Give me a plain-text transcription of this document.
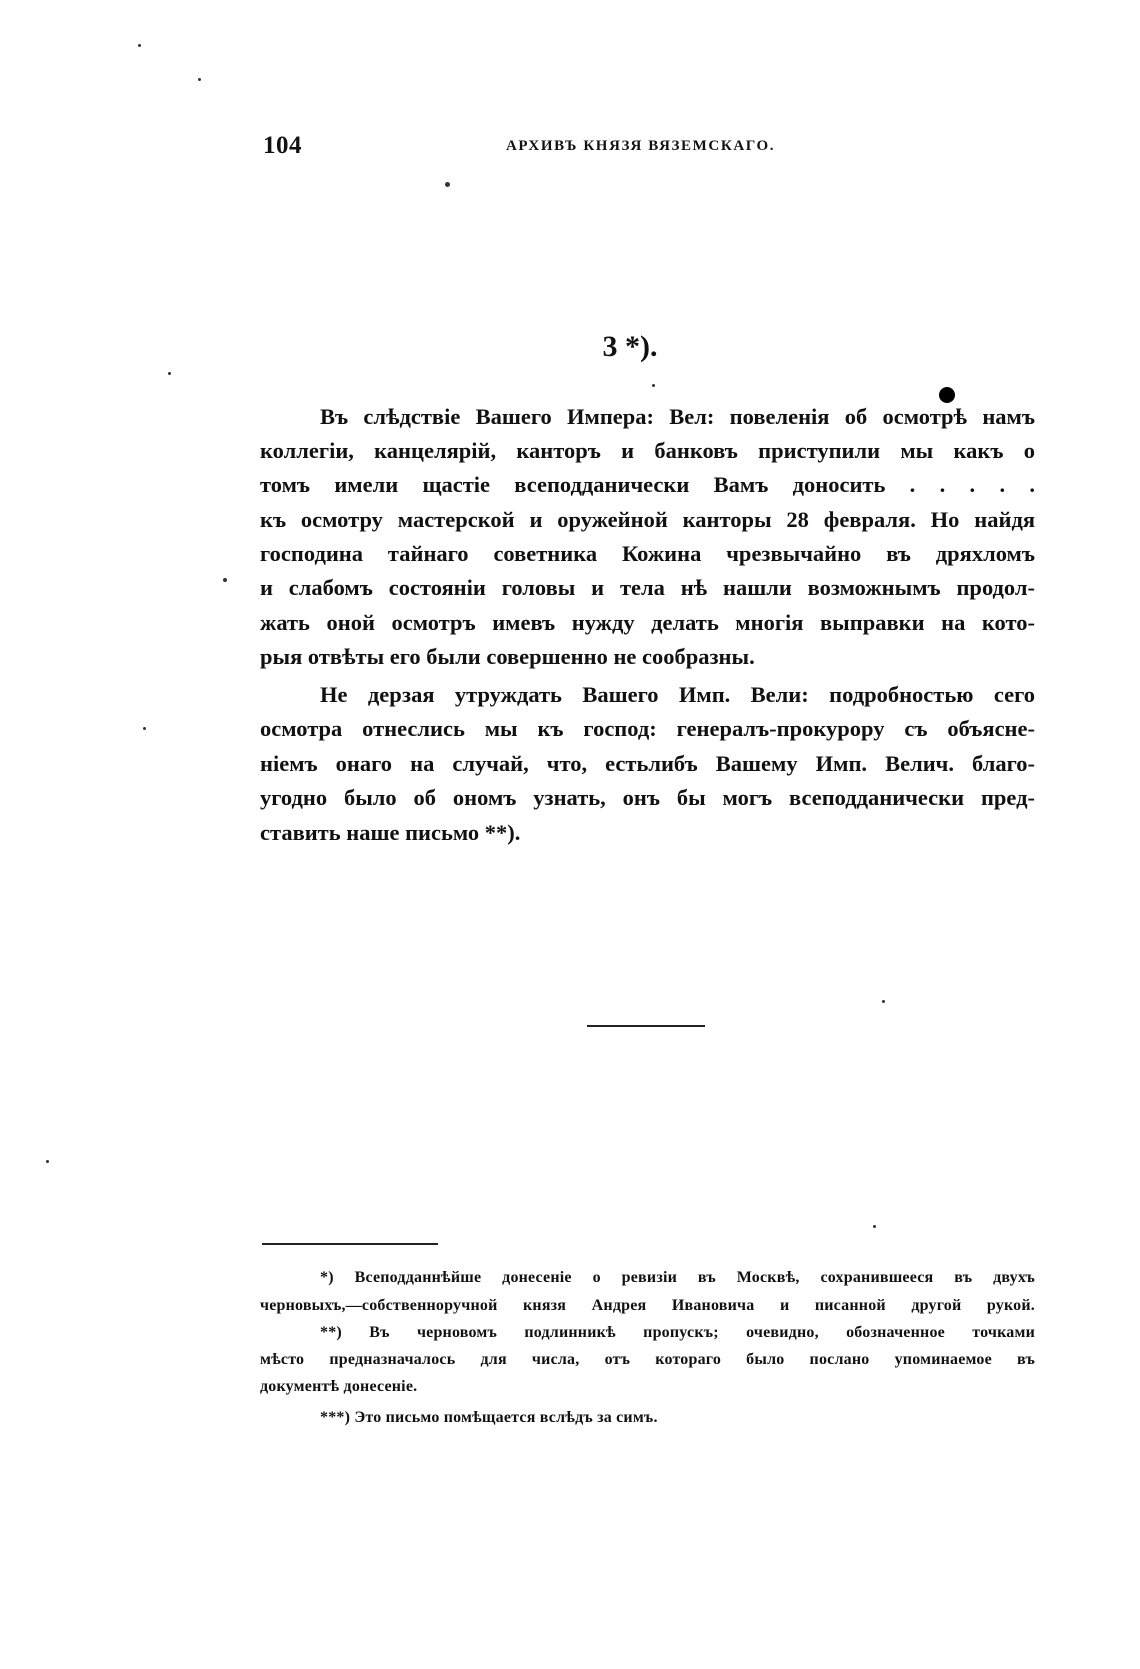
104	АРХИВЪ КНЯЗЯ ВЯЗЕМСКАГО.
3 *).
Въ слѣдствіе Вашего Импера: Вел: повеленія об осмотрѣ намъ
коллегіи, канцелярій, канторъ и банковъ приступили мы какъ о
томъ имели щастіе всеподданически Вамъ доносить . . . . .
къ осмотру мастерской и оружейной канторы 28 февраля. Но найдя
господина тайнаго советника Кожина чрезвычайно въ дряхломъ
и слабомъ состояніи головы и тела нѣ нашли возможнымъ продол-
жать оной осмотръ имевъ нужду делать многія выправки на кото-
рыя отвѣты его были совершенно не сообразны.
Не дерзая утруждать Вашего Имп. Вели: подробностью сего
осмотра отнеслись мы къ господ: генералъ-прокурору съ объясне-
ніемъ онаго на случай, что, естьлибъ Вашему Имп. Велич. благо-
угодно было об ономъ узнать, онъ бы могъ всеподданически пред-
ставить наше письмо **).
*) Всеподданнѣйше донесеніе о ревизіи въ Москвѣ, сохранившееся въ двухъ
черновыхъ,—собственноручной князя Андрея Ивановича и писанной другой рукой.
**) Въ черновомъ подлинникѣ пропускъ; очевидно, обозначенное точками
мѣсто предназначалось для числа, отъ котораго было послано упоминаемое въ
документѣ донесеніе.
***) Это письмо помѣщается вслѣдъ за симъ.
